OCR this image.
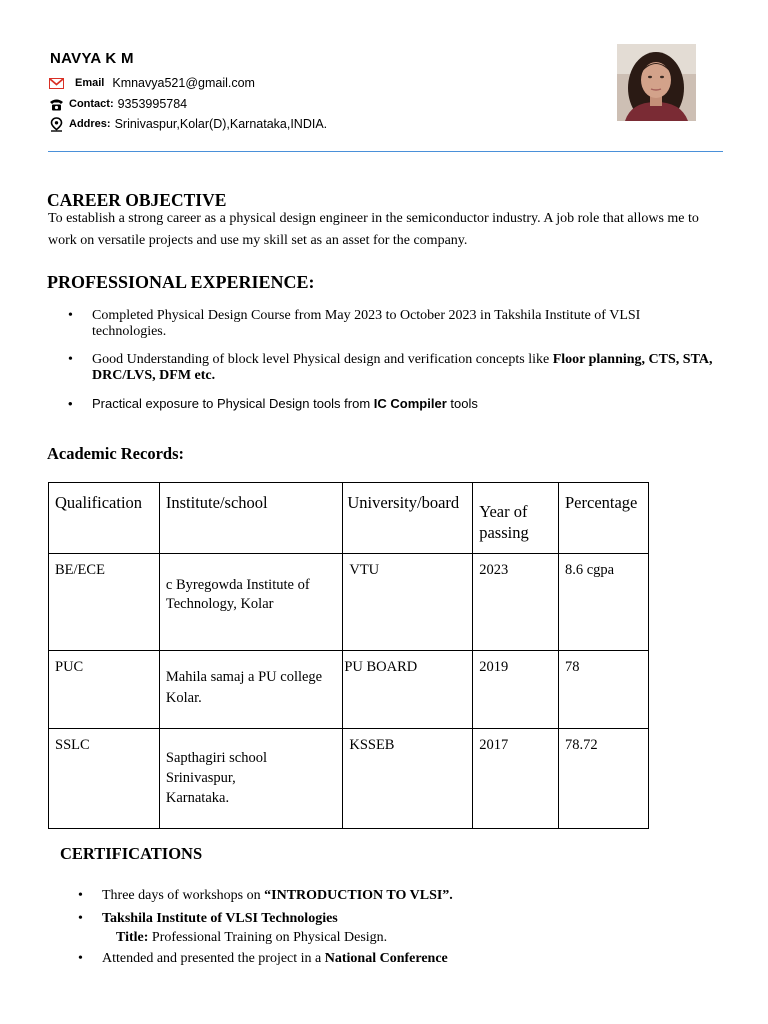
NAVYA K M
Email Kmnavya521@gmail.com
Contact: 9353995784
Addres: Srinivaspur,Kolar(D),Karnataka,INDIA.
CAREER OBJECTIVE
To establish a strong career as a physical design engineer in the semiconductor industry. A job role that allows me to work on versatile projects and use my skill set as an asset for the company.
PROFESSIONAL EXPERIENCE:
• Completed Physical Design Course from May 2023 to October 2023 in Takshila Institute of VLSI technologies.
• Good Understanding of block level Physical design and verification concepts like Floor planning, CTS, STA, DRC/LVS, DFM etc.
• Practical exposure to Physical Design tools from IC Compiler tools
Academic Records:
Qualification	Institute/school	University/board	Year of passing	Percentage

BE/ECE	c Byregowda Institute of Technology, Kolar	VTU	2023	8.6 cgpa

PUC	Mahila samaj a PU college Kolar.	PU BOARD	2019	78

SSLC	Sapthagiri school Srinivaspur, Karnataka.	KSSEB	2017	78.72
CERTIFICATIONS
• Three days of workshops on “INTRODUCTION TO VLSI”.
• Takshila Institute of VLSI Technologies
Title: Professional Training on Physical Design.
• Attended and presented the project in a National Conference
